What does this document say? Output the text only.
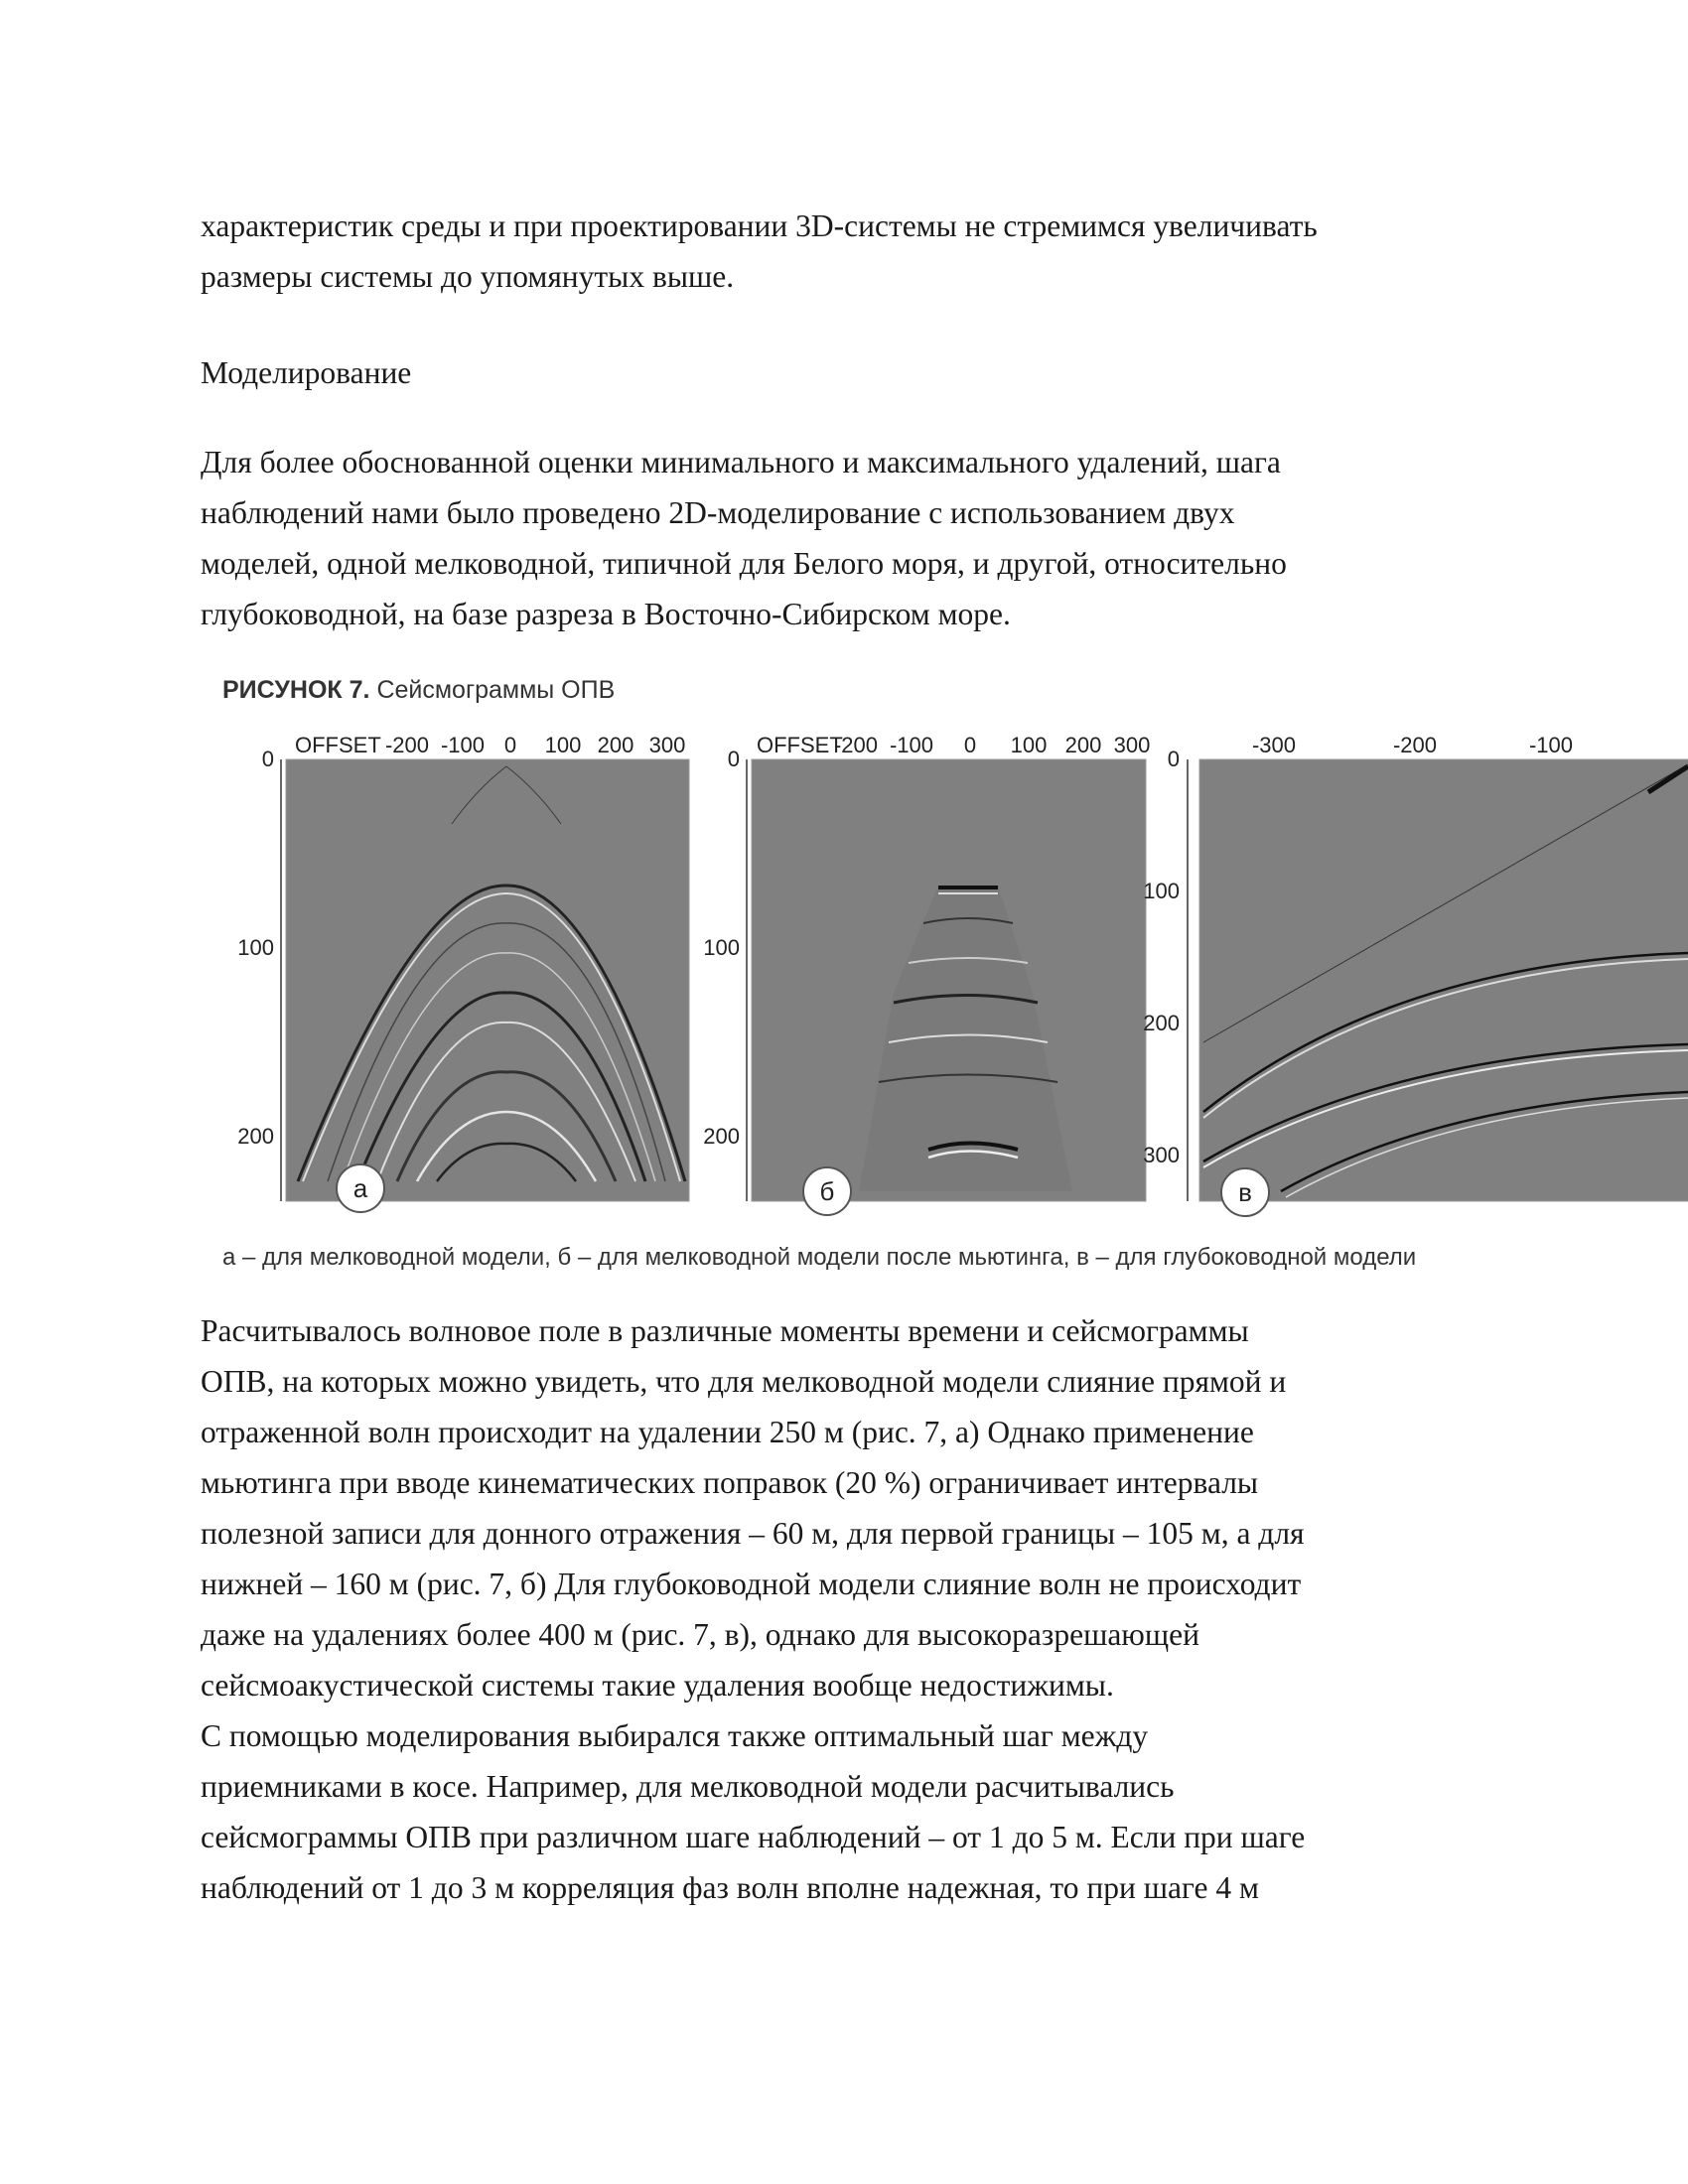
характеристик среды и при проектировании 3D-системы не стремимся увеличивать
размеры системы до упомянутых выше.
Моделирование
Для более обоснованной оценки минимального и максимального удалений, шага
наблюдений нами было проведено 2D-моделирование с использованием двух
моделей, одной мелководной, типичной для Белого моря, и другой, относительно
глубоководной, на базе разреза в Восточно-Сибирском море.
РИСУНОК 7. Сейсмограммы ОПВ
а
OFFSET -200 -100 0 100 200 300
0
100
200
б
OFFSET
-200 -100 0 100 200 300
0
100
200
в
-300	-200	-100
0
100
200
300
а – для мелководной модели, б – для мелководной модели после мьютинга, в – для глубоководной модели
Расчитывалось волновое поле в различные моменты времени и сейсмограммы
ОПВ, на которых можно увидеть, что для мелководной модели слияние прямой и
отраженной волн происходит на удалении 250 м (рис. 7, а) Однако применение
мьютинга при вводе кинематических поправок (20 %) ограничивает интервалы
полезной записи для донного отражения – 60 м, для первой границы – 105 м, а для
нижней – 160 м (рис. 7, б) Для глубоководной модели слияние волн не происходит
даже на удалениях более 400 м (рис. 7, в), однако для высокоразрешающей
сейсмоакустической системы такие удаления вообще недостижимы.
С помощью моделирования выбирался также оптимальный шаг между
приемниками в косе. Например, для мелководной модели расчитывались
сейсмограммы ОПВ при различном шаге наблюдений – от 1 до 5 м. Если при шаге
наблюдений от 1 до 3 м корреляция фаз волн вполне надежная, то при шаге 4 м
